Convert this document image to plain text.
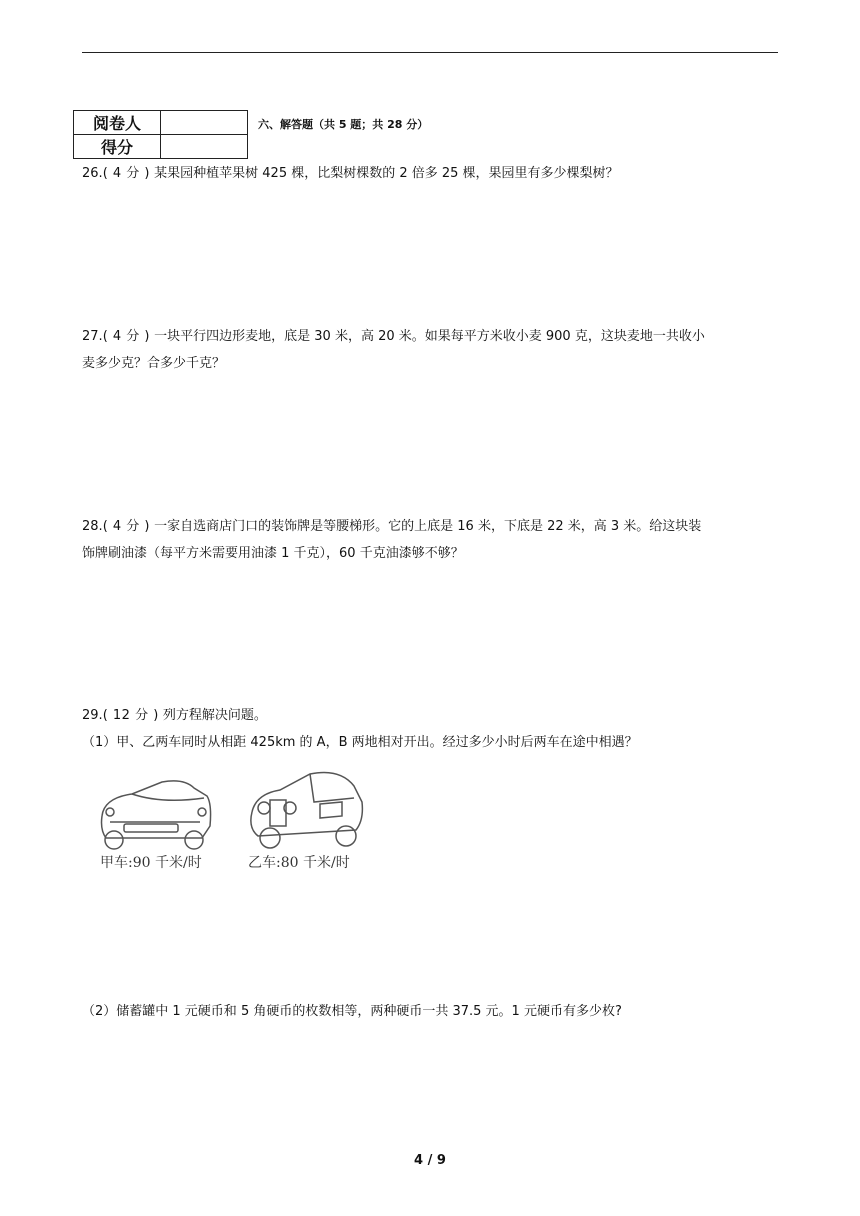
阅卷人	
得分	
六、解答题（共 5 题；共 28 分）
26.( 4 分 ) 某果园种植苹果树 425 棵，比梨树棵数的 2 倍多 25 棵，果园里有多少棵梨树？
27.( 4 分 ) 一块平行四边形麦地，底是 30 米，高 20 米。如果每平方米收小麦 900 克，这块麦地一共收小
麦多少克？合多少千克？
28.( 4 分 ) 一家自选商店门口的装饰牌是等腰梯形。它的上底是 16 米，下底是 22 米，高 3 米。给这块装
饰牌刷油漆（每平方米需要用油漆 1 千克），60 千克油漆够不够？
29.( 12 分 ) 列方程解决问题。
（1）甲、乙两车同时从相距 425km 的 A，B 两地相对开出。经过多少小时后两车在途中相遇？
甲车:90 千米/时	乙车:80 千米/时
（2）储蓄罐中 1 元硬币和 5 角硬币的枚数相等，两种硬币一共 37.5 元。1 元硬币有多少枚?
4 / 9
